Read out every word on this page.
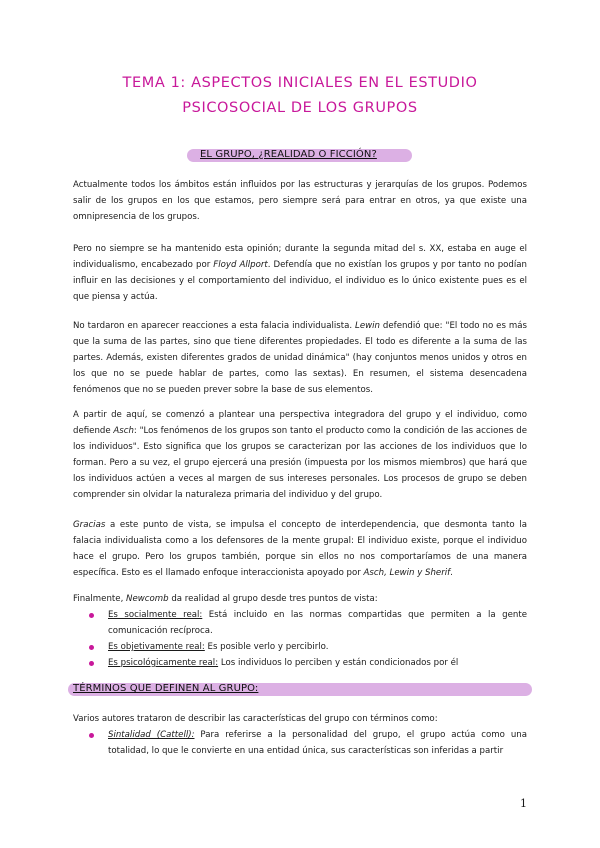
TEMA 1: ASPECTOS INICIALES EN EL ESTUDIO
PSICOSOCIAL DE LOS GRUPOS
EL GRUPO, ¿REALIDAD O FICCIÓN?

Actualmente todos los ámbitos están influidos por las estructuras y jerarquías de los grupos. Podemos salir de los grupos en los que estamos, pero siempre será para entrar en otros, ya que existe una omnipresencia de los grupos.

Pero no siempre se ha mantenido esta opinión; durante la segunda mitad del s. XX, estaba en auge el individualismo, encabezado por Floyd Allport. Defendía que no existían los grupos y por tanto no podían influir en las decisiones y el comportamiento del individuo, el individuo es lo único existente pues es el que piensa y actúa.

No tardaron en aparecer reacciones a esta falacia individualista. Lewin defendió que: "El todo no es más que la suma de las partes, sino que tiene diferentes propiedades. El todo es diferente a la suma de las partes. Además, existen diferentes grados de unidad dinámica" (hay conjuntos menos unidos y otros en los que no se puede hablar de partes, como las sextas). En resumen, el sistema desencadena fenómenos que no se pueden prever sobre la base de sus elementos.

A partir de aquí, se comenzó a plantear una perspectiva integradora del grupo y el individuo, como defiende Asch: "Los fenómenos de los grupos son tanto el producto como la condición de las acciones de los individuos". Esto significa que los grupos se caracterizan por las acciones de los individuos que lo forman. Pero a su vez, el grupo ejercerá una presión (impuesta por los mismos miembros) que hará que los individuos actúen a veces al margen de sus intereses personales. Los procesos de grupo se deben comprender sin olvidar la naturaleza primaria del individuo y del grupo.

Gracias a este punto de vista, se impulsa el concepto de interdependencia, que desmonta tanto la falacia individualista como a los defensores de la mente grupal: El individuo existe, porque el individuo hace el grupo. Pero los grupos también, porque sin ellos no nos comportaríamos de una manera específica. Esto es el llamado enfoque interaccionista apoyado por Asch, Lewin y Sherif.

Finalmente, Newcomb da realidad al grupo desde tres puntos de vista:

Es socialmente real: Está incluido en las normas compartidas que permiten a la gente comunicación recíproca.
Es objetivamente real: Es posible verlo y percibirlo.
Es psicológicamente real: Los individuos lo perciben y están condicionados por él
TÉRMINOS QUE DEFINEN AL GRUPO:

Varios autores trataron de describir las características del grupo con términos como:

Sintalidad (Cattell): Para referirse a la personalidad del grupo, el grupo actúa como una totalidad, lo que le convierte en una entidad única, sus características son inferidas a partir
1
